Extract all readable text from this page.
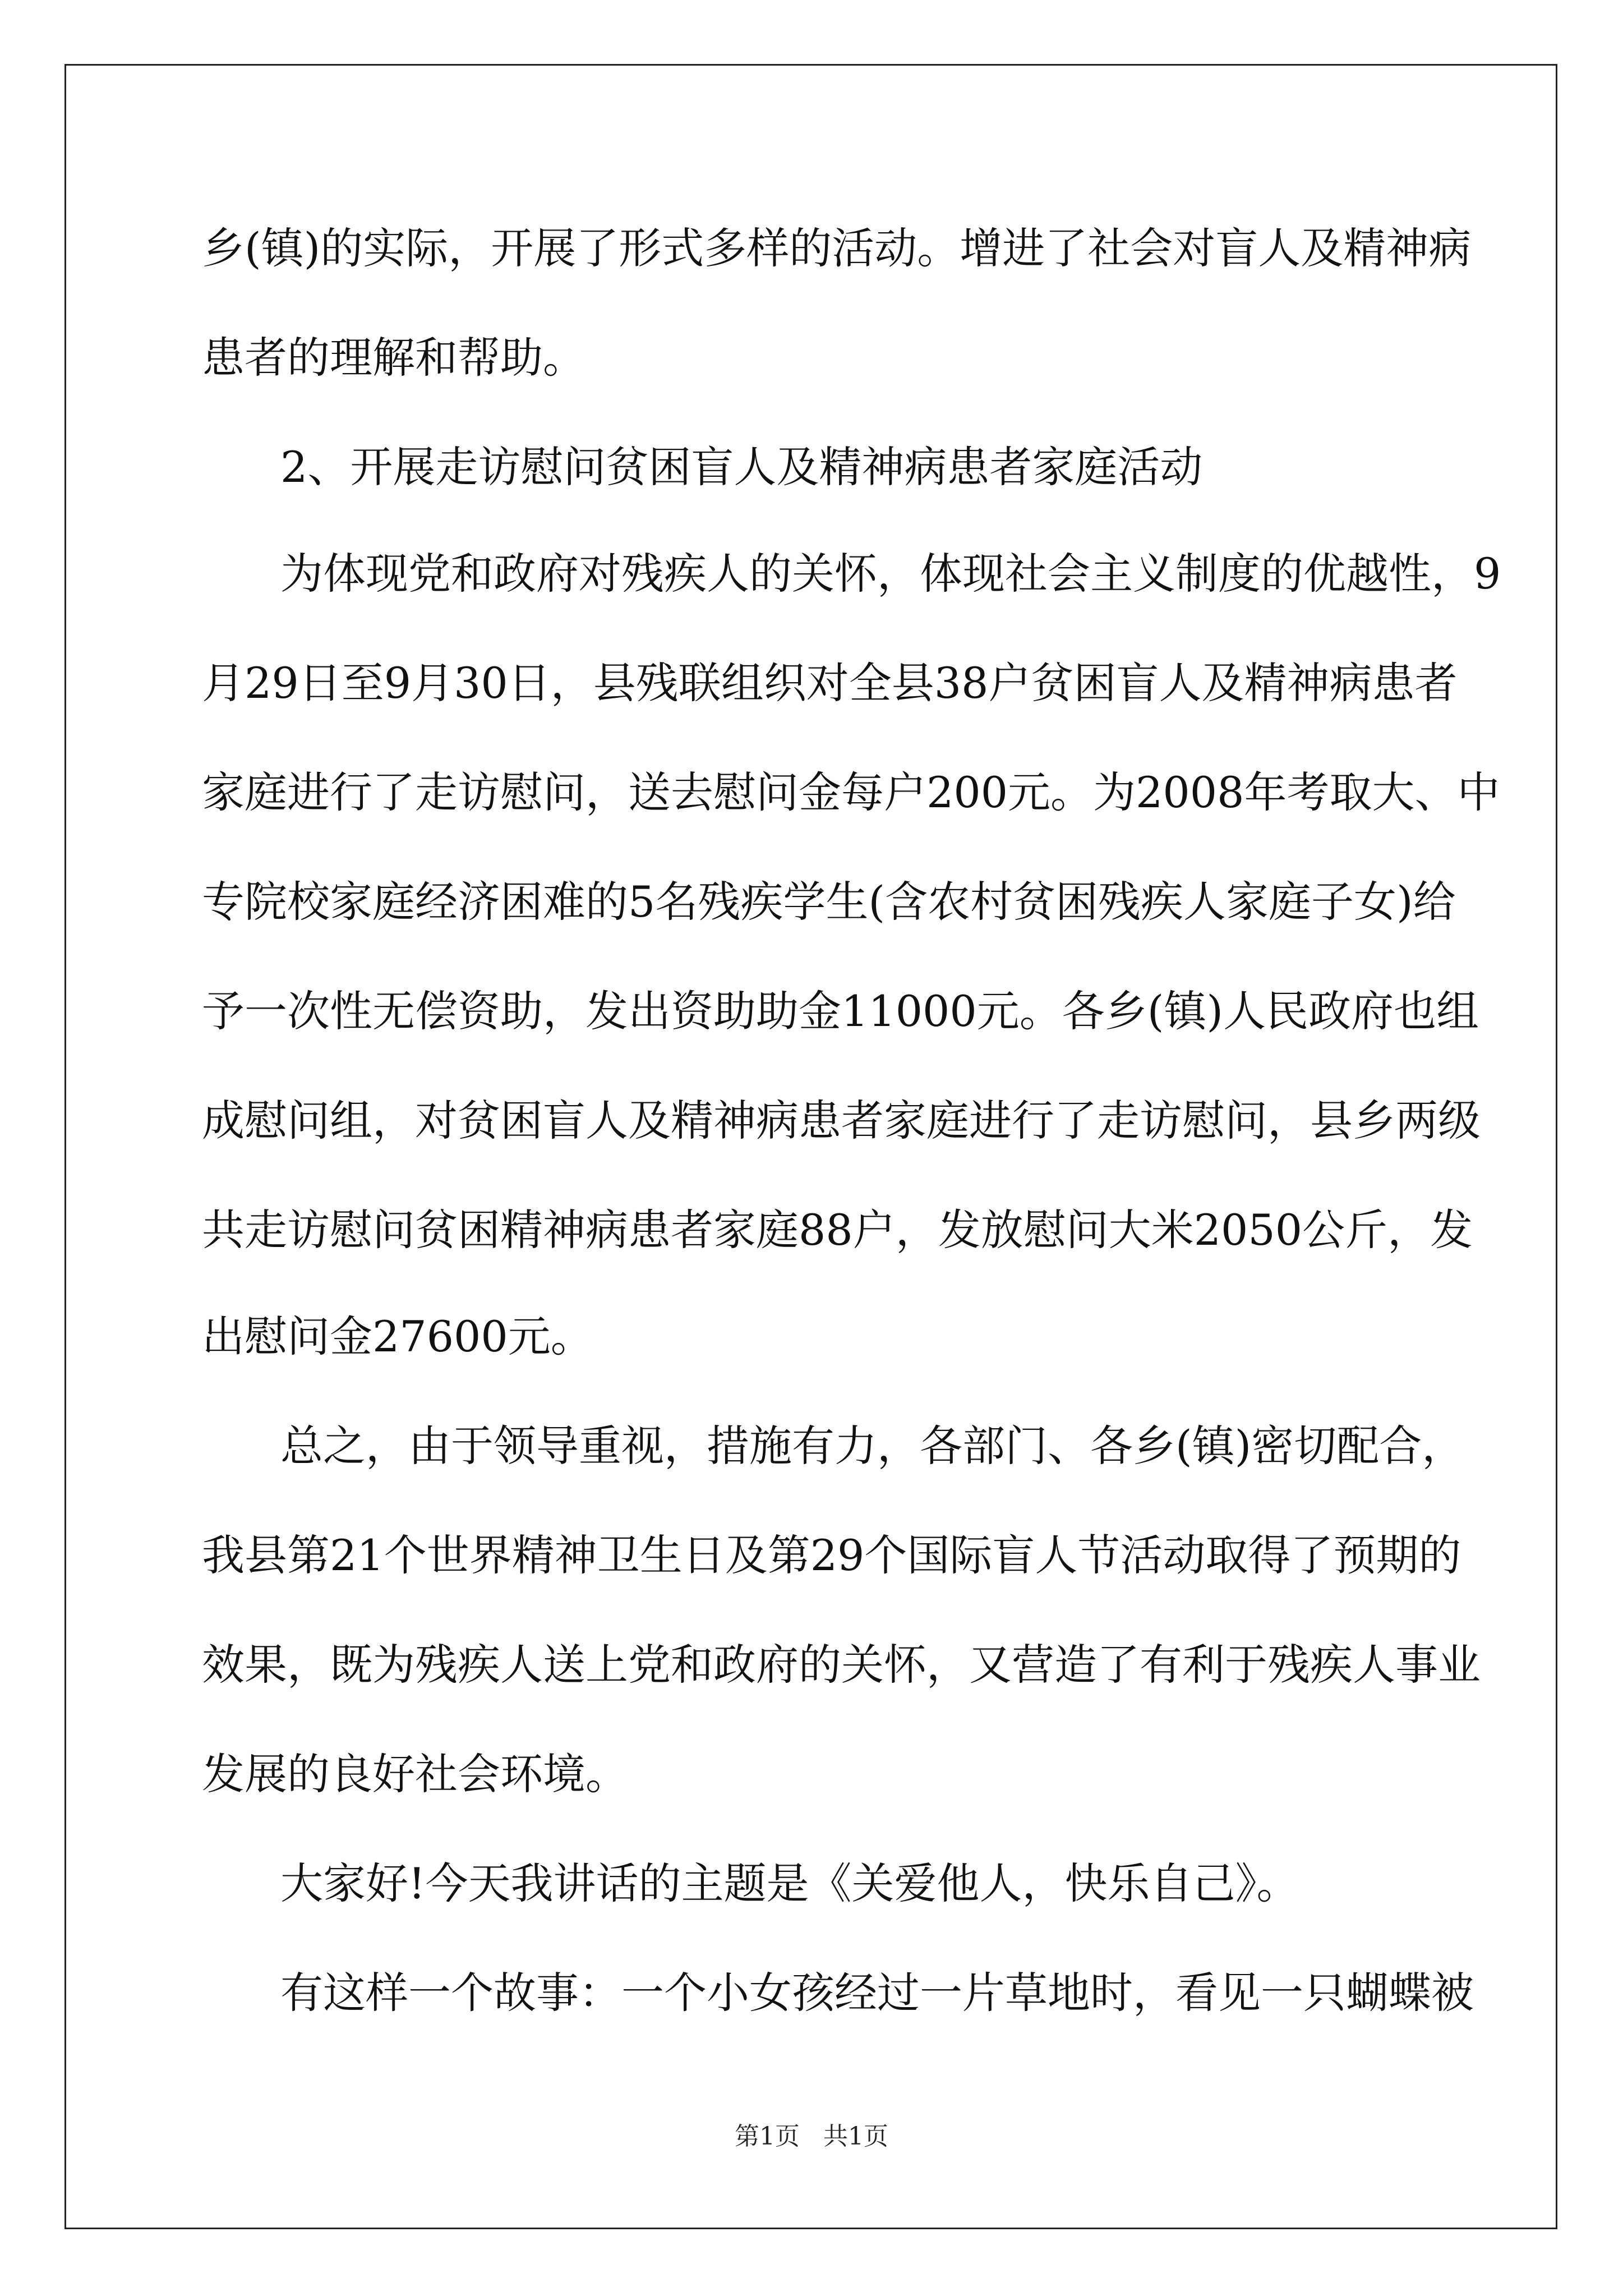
乡(镇)的实际，开展了形式多样的活动。增进了社会对盲人及精神病
患者的理解和帮助。
2、开展走访慰问贫困盲人及精神病患者家庭活动
为体现党和政府对残疾人的关怀，体现社会主义制度的优越性，9
月29日至9月30日，县残联组织对全县38户贫困盲人及精神病患者
家庭进行了走访慰问，送去慰问金每户200元。为2008年考取大、中
专院校家庭经济困难的5名残疾学生(含农村贫困残疾人家庭子女)给
予一次性无偿资助，发出资助助金11000元。各乡(镇)人民政府也组
成慰问组，对贫困盲人及精神病患者家庭进行了走访慰问，县乡两级
共走访慰问贫困精神病患者家庭88户，发放慰问大米2050公斤，发
出慰问金27600元。
总之，由于领导重视，措施有力，各部门、各乡(镇)密切配合，
我县第21个世界精神卫生日及第29个国际盲人节活动取得了预期的
效果，既为残疾人送上党和政府的关怀，又营造了有利于残疾人事业
发展的良好社会环境。
大家好!今天我讲话的主题是《关爱他人，快乐自己》。
有这样一个故事：一个小女孩经过一片草地时，看见一只蝴蝶被
第1页   共1页
